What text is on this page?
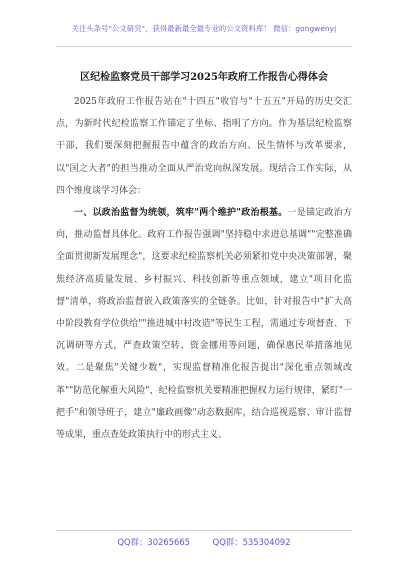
关注头条号"公文研究"，获得最新最全最专业的公文资料库！ 微信：gongwenyj
区纪检监察党员干部学习2025年政府工作报告心得体会

2025年政府工作报告站在"十四五"收官与"十五五"开局的历史交汇点，为新时代纪检监察工作锚定了坐标、指明了方向。作为基层纪检监察干部，我们要深刻把握报告中蕴含的政治方向、民生情怀与改革要求，以"国之大者"的担当推动全面从严治党向纵深发展。现结合工作实际，从四个维度谈学习体会：

一、以政治监督为统领，筑牢"两个维护"政治根基。一是锚定政治方向，推动监督具体化。政府工作报告强调"坚持稳中求进总基调""完整准确全面贯彻新发展理念"，这要求纪检监察机关必须紧扣党中央决策部署，聚焦经济高质量发展、乡村振兴、科技创新等重点领域，建立"项目化监督"清单，将政治监督嵌入政策落实的全链条。比如，针对报告中"扩大高中阶段教育学位供给""推进城中村改造"等民生工程，需通过专项督查、下沉调研等方式，严查政策空转、资金挪用等问题，确保惠民举措落地见效。二是聚焦"关键少数"，实现监督精准化报告提出"深化重点领域改革""防范化解重大风险"，纪检监察机关要精准把握权力运行规律，紧盯"一把手"和领导班子，建立"廉政画像"动态数据库，结合巡视巡察、审计监督等成果，重点查处政策执行中的形式主义、

QQ群：30265665	QQ群：535304092
